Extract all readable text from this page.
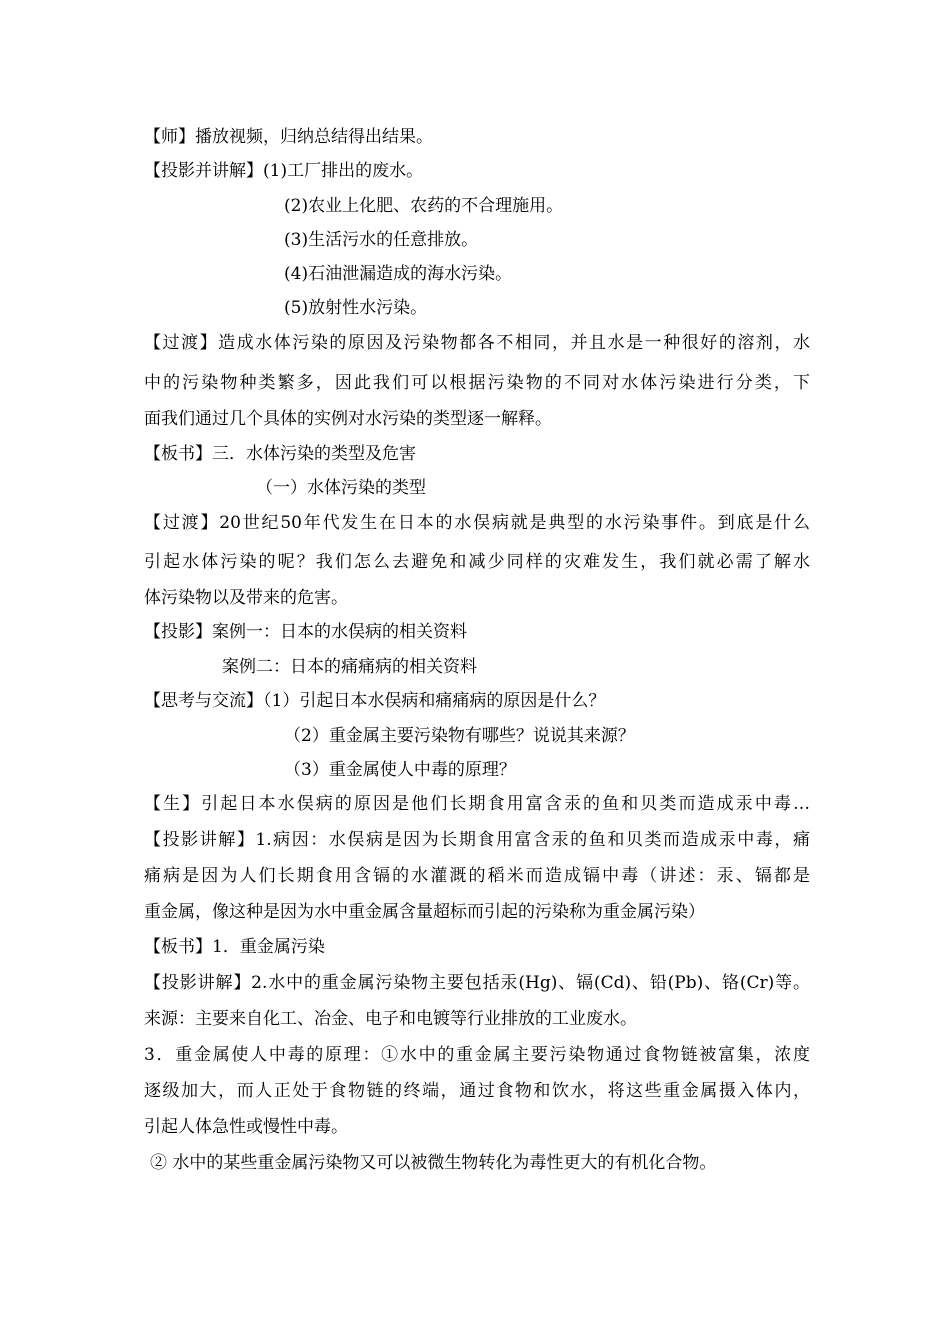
【师】播放视频，归纳总结得出结果。
【投影并讲解】(1)工厂排出的废水。
(2)农业上化肥、农药的不合理施用。
(3)生活污水的任意排放。
(4)石油泄漏造成的海水污染。
(5)放射性水污染。
【过渡】造成水体污染的原因及污染物都各不相同，并且水是一种很好的溶剂，水
中的污染物种类繁多，因此我们可以根据污染物的不同对水体污染进行分类，下
面我们通过几个具体的实例对水污染的类型逐一解释。
【板书】三．水体污染的类型及危害
（一）水体污染的类型
【过渡】20世纪50年代发生在日本的水俣病就是典型的水污染事件。到底是什么
引起水体污染的呢？我们怎么去避免和减少同样的灾难发生，我们就必需了解水
体污染物以及带来的危害。
【投影】案例一：日本的水俣病的相关资料
案例二：日本的痛痛病的相关资料
【思考与交流】（1）引起日本水俣病和痛痛病的原因是什么？
（2）重金属主要污染物有哪些？说说其来源？
（3）重金属使人中毒的原理？
【生】引起日本水俣病的原因是他们长期食用富含汞的鱼和贝类而造成汞中毒…
【投影讲解】1.病因：水俣病是因为长期食用富含汞的鱼和贝类而造成汞中毒，痛
痛病是因为人们长期食用含镉的水灌溉的稻米而造成镉中毒（讲述：汞、镉都是
重金属，像这种是因为水中重金属含量超标而引起的污染称为重金属污染）
【板书】1．重金属污染
【投影讲解】2.水中的重金属污染物主要包括汞(Hg)、镉(Cd)、铅(Pb)、铬(Cr)等。
来源：主要来自化工、冶金、电子和电镀等行业排放的工业废水。
3．重金属使人中毒的原理：①水中的重金属主要污染物通过食物链被富集，浓度
逐级加大，而人正处于食物链的终端，通过食物和饮水，将这些重金属摄入体内，
引起人体急性或慢性中毒。
② 水中的某些重金属污染物又可以被微生物转化为毒性更大的有机化合物。
